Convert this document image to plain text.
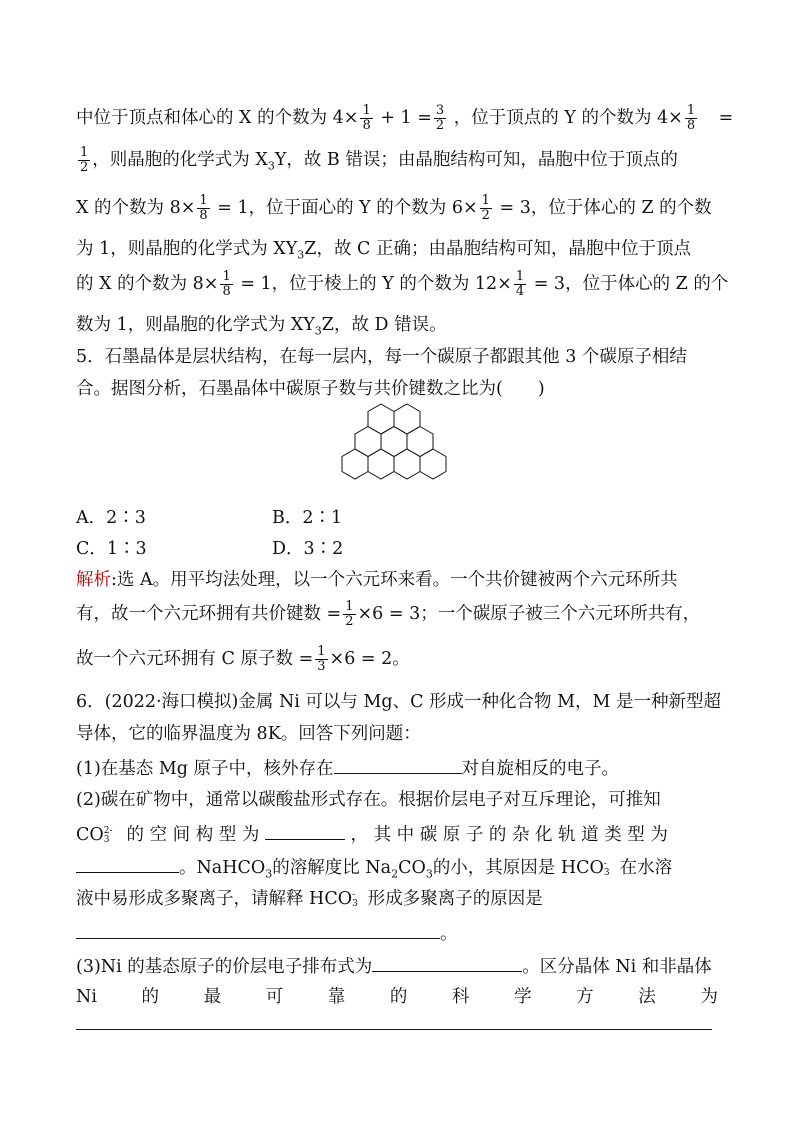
中位于顶点和体心的 X 的个数为 $4\times \frac{1}{8} + 1 = \frac{3}{2}$ ，位于顶点的 Y 的个数为 $4\times \frac{1}{8}$ =
$\frac{1}{2}$ ，则晶胞的化学式为 $X_3Y$，故 B 错误；由晶胞结构可知，晶胞中位于顶点的
X 的个数为 $8\times \frac{1}{8} = 1$，位于面心的 Y 的个数为 $6\times \frac{1}{2} = 3$，位于体心的 Z 的个数
为 1，则晶胞的化学式为 $XY_3Z$，故 C 正确；由晶胞结构可知，晶胞中位于顶点
的 X 的个数为 $8\times \frac{1}{8} = 1$，位于棱上的 Y 的个数为 $12\times \frac{1}{4} = 3$，位于体心的 Z 的个
数为 1，则晶胞的化学式为 $XY_3Z$，故 D 错误。
5．石墨晶体是层状结构，在每一层内，每一个碳原子都跟其他 3 个碳原子相结
合。据图分析，石墨晶体中碳原子数与共价键数之比为(　　)
A．2∶3	B．2∶1
C．1∶3	D．3∶2
解析:选 A。用平均法处理，以一个六元环来看。一个共价键被两个六元环所共
有，故一个六元环拥有共价键数 = $\frac{1}{2} \times 6 = 3$；一个碳原子被三个六元环所共有，
故一个六元环拥有 C 原子数 = $\frac{1}{3} \times 6 = 2$。
6．(2022·海口模拟)金属 Ni 可以与 Mg、C 形成一种化合物 M，M 是一种新型超
导体，它的临界温度为 8K。回答下列问题：
(1)在基态 Mg 原子中，核外存在	对自旋相反的电子。
(2)碳在矿物中，通常以碳酸盐形式存在。根据价层电子对互斥理论，可推知
CO 2-
3 的 空 间 构 型 为	， 其 中 碳 原 子 的 杂 化 轨 道 类 型 为
。NaHCO$_3$的溶解度比 $Na_2CO_3$的小，其原因是 HCO -
3 在水溶
液中易形成多聚离子，请解释 HCO -
3 形成多聚离子的原因是
。
(3)Ni 的基态原子的价层电子排布式为	。区分晶体 Ni 和非晶体
Ni	的	最	可	靠	的	科	学	方	法	为
